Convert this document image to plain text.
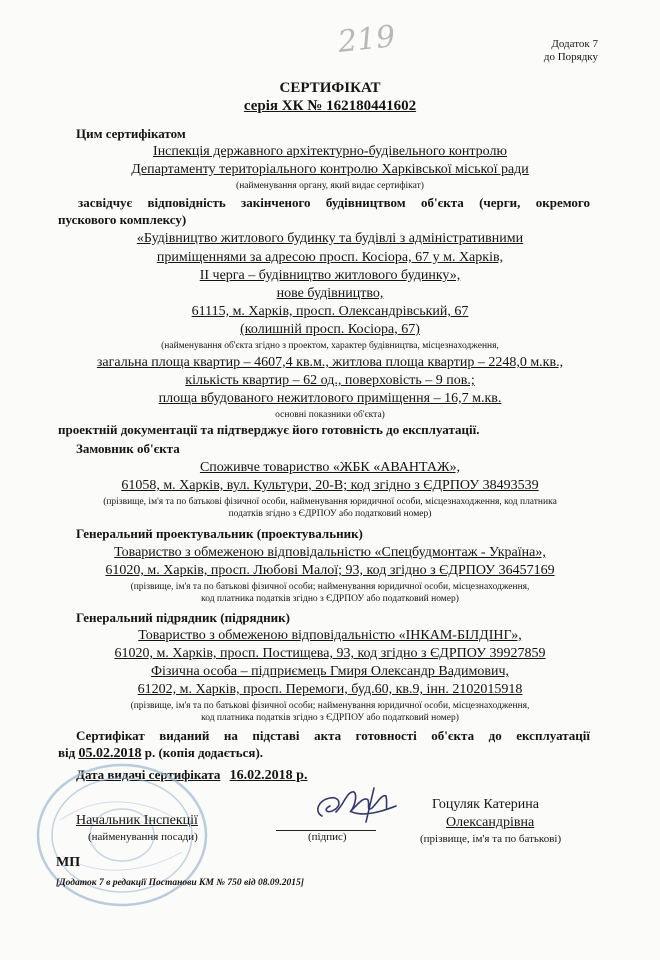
Додаток 7
до Порядку
219
СЕРТИФІКАТ
серія ХК № 162180441602
Цим сертифікатом
Інспекція державного архітектурно-будівельного контролю
Департаменту територіального контролю Харківської міської ради
(найменування органу, який видає сертифікат)
засвідчує відповідність закінченого будівництвом об'єкта (черги, окремого
пускового комплексу)
«Будівництво житлового будинку та будівлі з адміністративними
приміщеннями за адресою просп. Косіора, 67 у м. Харків,
ІІ черга – будівництво житлового будинку»,
нове будівництво,
61115, м. Харків, просп. Олександрівський, 67
(колишній просп. Косіора, 67)
(найменування об'єкта згідно з проектом, характер будівництва, місцезнаходження,
загальна площа квартир – 4607,4 кв.м., житлова площа квартир – 2248,0 м.кв.,
кількість квартир – 62 од., поверховість – 9 пов.;
площа вбудованого нежитлового приміщення – 16,7 м.кв.
основні показники об'єкта)
проектній документації та підтверджує його готовність до експлуатації.
Замовник об'єкта
Споживче товариство «ЖБК «АВАНТАЖ»,
61058, м. Харків, вул. Культури, 20-В; код згідно з ЄДРПОУ 38493539
(прізвище, ім'я та по батькові фізичної особи, найменування юридичної особи, місцезнаходження, код платника
податків згідно з ЄДРПОУ або податковий номер)
Генеральний проектувальник (проектувальник)
Товариство з обмеженою відповідальністю «Спецбудмонтаж - Україна»,
61020, м. Харків, просп. Любові Малої; 93, код згідно з ЄДРПОУ 36457169
(прізвище, ім'я та по батькові фізичної особи; найменування юридичної особи, місцезнаходження,
код платника податків згідно з ЄДРПОУ або податковий номер)
Генеральний підрядник (підрядник)
Товариство з обмеженою відповідальністю «ІНКАМ-БІЛДІНГ»,
61020, м. Харків, просп. Постищева, 93, код згідно з ЄДРПОУ 39927859
Фізична особа – підприємець Гмиря Олександр Вадимович,
61202, м. Харків, просп. Перемоги, буд.60, кв.9, інн. 2102015918
(прізвище, ім'я та по батькові фізичної особи; найменування юридичної особи, місцезнаходження,
код платника податків згідно з ЄДРПОУ або податковий номер)
Сертифікат виданий на підставі акта готовності об'єкта до експлуатації
від 05.02.2018 р. (копія додається).
Дата видачі сертифіката 16.02.2018 р.
Начальник Інспекції
(найменування посади)	(підпис)
Гоцуляк Катерина
Олександрівна
(прізвище, ім'я та по батькові)
МП
[Додаток 7 в редакції Постанови КМ № 750 від 08.09.2015]
